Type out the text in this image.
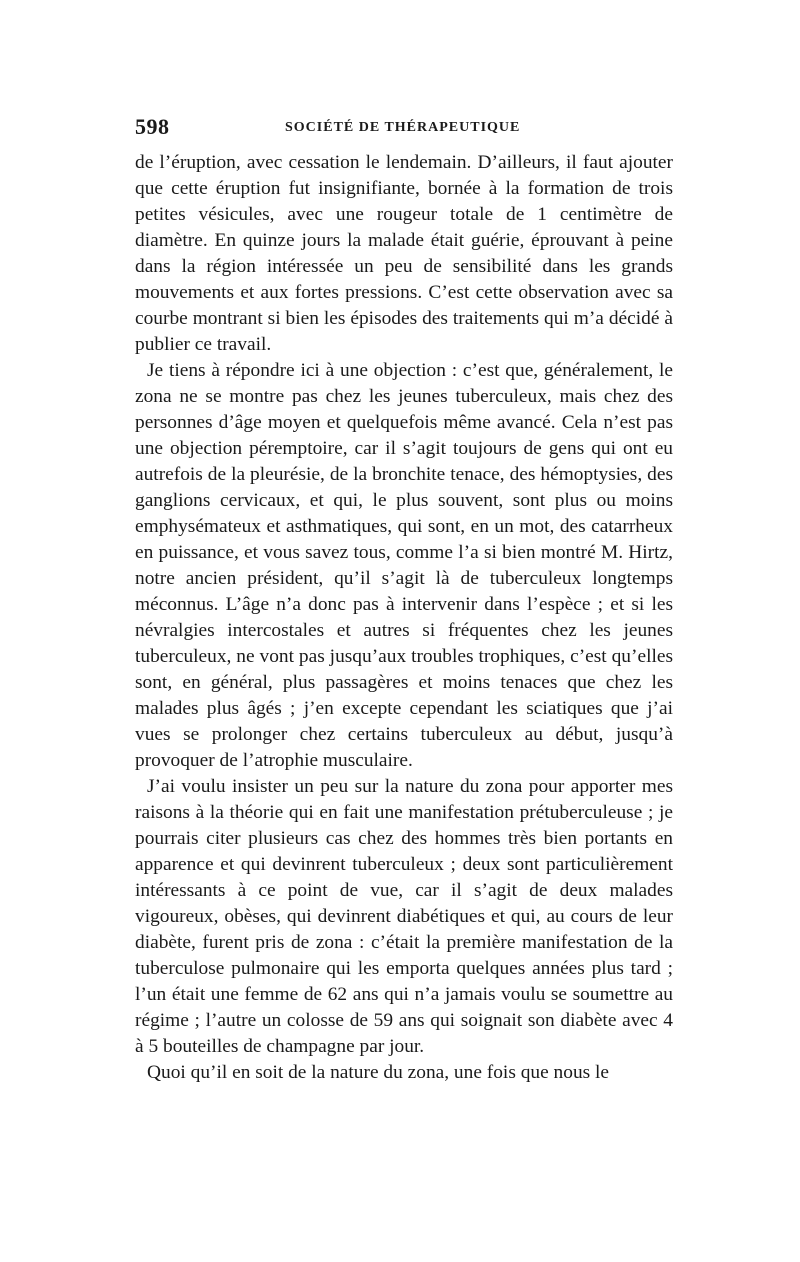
598	SOCIÉTÉ DE THÉRAPEUTIQUE

de l’éruption, avec cessation le lendemain. D’ailleurs, il faut ajouter que cette éruption fut insignifiante, bornée à la formation de trois petites vésicules, avec une rougeur totale de 1 centimètre de diamètre. En quinze jours la malade était guérie, éprouvant à peine dans la région intéressée un peu de sensibilité dans les grands mouvements et aux fortes pressions. C’est cette observation avec sa courbe montrant si bien les épisodes des traitements qui m’a décidé à publier ce travail.

Je tiens à répondre ici à une objection : c’est que, généralement, le zona ne se montre pas chez les jeunes tuberculeux, mais chez des personnes d’âge moyen et quelquefois même avancé. Cela n’est pas une objection péremptoire, car il s’agit toujours de gens qui ont eu autrefois de la pleurésie, de la bronchite tenace, des hémoptysies, des ganglions cervicaux, et qui, le plus souvent, sont plus ou moins emphysémateux et asthmatiques, qui sont, en un mot, des catarrheux en puissance, et vous savez tous, comme l’a si bien montré M. Hirtz, notre ancien président, qu’il s’agit là de tuberculeux longtemps méconnus. L’âge n’a donc pas à intervenir dans l’espèce ; et si les névralgies intercostales et autres si fréquentes chez les jeunes tuberculeux, ne vont pas jusqu’aux troubles trophiques, c’est qu’elles sont, en général, plus passagères et moins tenaces que chez les malades plus âgés ; j’en excepte cependant les sciatiques que j’ai vues se prolonger chez certains tuberculeux au début, jusqu’à provoquer de l’atrophie musculaire.

J’ai voulu insister un peu sur la nature du zona pour apporter mes raisons à la théorie qui en fait une manifestation prétuberculeuse ; je pourrais citer plusieurs cas chez des hommes très bien portants en apparence et qui devinrent tuberculeux ; deux sont particulièrement intéressants à ce point de vue, car il s’agit de deux malades vigoureux, obèses, qui devinrent diabétiques et qui, au cours de leur diabète, furent pris de zona : c’était la première manifestation de la tuberculose pulmonaire qui les emporta quelques années plus tard ; l’un était une femme de 62 ans qui n’a jamais voulu se soumettre au régime ; l’autre un colosse de 59 ans qui soignait son diabète avec 4 à 5 bouteilles de champagne par jour.

Quoi qu’il en soit de la nature du zona, une fois que nous le
